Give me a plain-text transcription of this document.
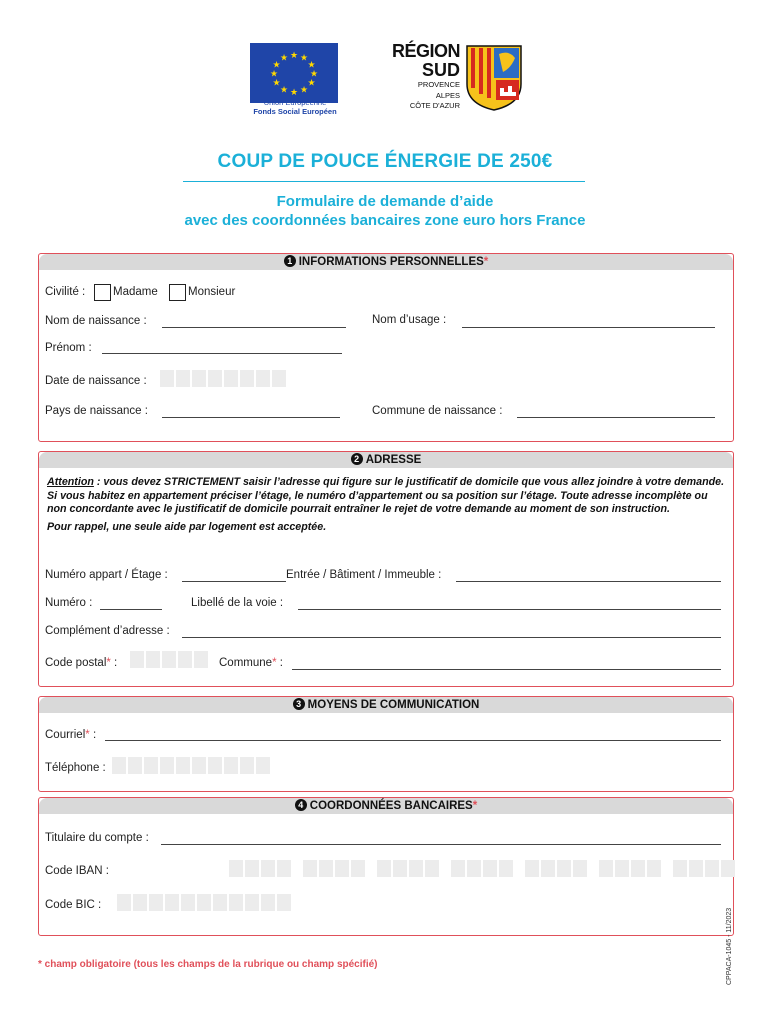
★ ★
★
★
★
★
★
★
★
★
★
★
Union Européenne
Fonds Social Européen
RÉGION
SUD
PROVENCE
ALPES
CÔTE D'AZUR
COUP DE POUCE ÉNERGIE DE 250€
Formulaire de demande d’aide
avec des coordonnées bancaires zone euro hors France
1 INFORMATIONS PERSONNELLES*
Civilité : Madame	Monsieur
Nom de naissance :	Nom d’usage :
Prénom :
Date de naissance :
Pays de naissance :	Commune de naissance :
2 ADRESSE
Attention : vous devez STRICTEMENT saisir l’adresse qui figure sur le justificatif de domicile que vous allez joindre à votre demande. Si vous habitez en appartement préciser l’étage, le numéro d’appartement ou sa position sur l’étage. Toute adresse incomplète ou non concordante avec le justificatif de domicile pourrait entraîner le rejet de votre demande au moment de son instruction.
Pour rappel, une seule aide par logement est acceptée.
Numéro appart / Étage :	Entrée / Bâtiment / Immeuble :
Numéro :	Libellé de la voie :
Complément d’adresse :
Code postal* :	Commune* :
3 MOYENS DE COMMUNICATION
Courriel* :
Téléphone :
4 COORDONNÉES BANCAIRES*
Titulaire du compte :
Code IBAN :
Code BIC :
* champ obligatoire (tous les champs de la rubrique ou champ spécifié)	CPPACA-1045 - 11/2023
